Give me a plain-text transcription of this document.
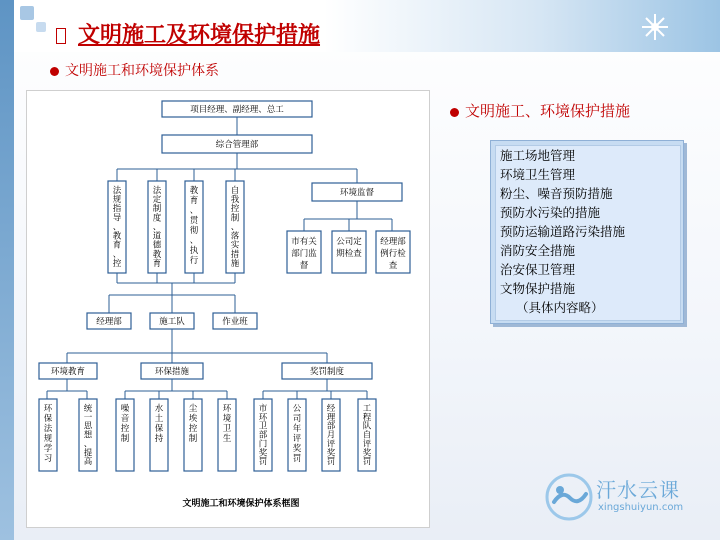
文明施工及环境保护措施
文明施工和环境保护体系
项目经理、副经理、总工
综合管理部
环境监督
经理部	施工队	作业班
环境教育	环保措施	奖罚制度
法
规
指
导
、
教
育
、
控
法
定
制
度
、
道
德
教
育
教
育
、
贯
彻
、
执
行
自
我
控
制
、
落
实
措
施
环
保
法
规
学
习
统
一
思
想
、
提
高
噪
音
控
制
水
土
保
持
尘
埃
控
制
环
境
卫
生
市
环
卫
部
门
奖
罚
公
司
年
评
奖
罚
经
理
部
月
评
奖
罚
工
程
队
自
评
奖
罚
市有关
部门监
督
公司定
期检查
经理部
例行检
查
文明施工和环境保护体系框图
文明施工、环境保护措施
施工场地管理
环境卫生管理
粉尘、噪音预防措施
预防水污染的措施
预防运输道路污染措施
消防安全措施
治安保卫管理
文物保护措施
（具体内容略）
汗水云课
xingshuiyun.com
